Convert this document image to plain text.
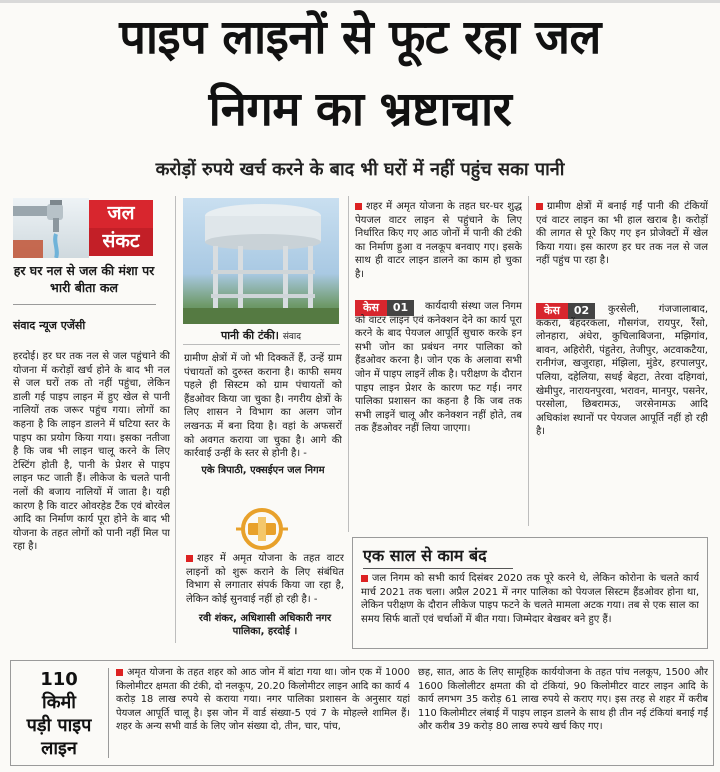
पाइप लाइनों से फूट रहा जल
निगम का भ्रष्टाचार
करोड़ों रुपये खर्च करने के बाद भी घरों में नहीं पहुंच सका पानी
जल
संकट
हर घर नल से जल की मंशा पर भारी बीता कल
संवाद न्यूज एजेंसी
पानी की टंकी। संवाद
हरदोई। हर घर तक नल से जल पहुंचाने की योजना में करोड़ों खर्च होने के बाद भी नल से जल घरों तक तो नहीं पहुंचा, लेकिन डाली गई पाइप लाइन में हुए खेल से पानी नालियों तक जरूर पहुंच गया। लोगों का कहना है कि लाइन डालने में घटिया स्तर के पाइप का प्रयोग किया गया। इसका नतीजा है कि जब भी लाइन चालू करने के लिए टेस्टिंग होती है, पानी के प्रेशर से पाइप लाइन फट जाती हैं। लीकेज के चलते पानी नलों की बजाय नालियों में जाता है। यही कारण है कि वाटर ओवरहेड टैंक एवं बोरवेल आदि का निर्माण कार्य पूरा होने के बाद भी योजना के तहत लोगों को पानी नहीं मिल पा रहा है।
ग्रामीण क्षेत्रों में जो भी दिक्कतें हैं, उन्हें ग्राम पंचायतों को दुरुस्त कराना है। काफी समय पहले ही सिस्टम को ग्राम पंचायतों को हैंडओवर किया जा चुका है। नगरीय क्षेत्रों के लिए शासन ने विभाग का अलग जोन लखनऊ में बना दिया है। वहां के अफसरों को अवगत कराया जा चुका है। आगे की कार्रवाई उन्हीं के स्तर से होनी है। -
एके त्रिपाठी, एक्सईएन जल निगम
शहर में अमृत योजना के तहत वाटर लाइनों को शुरू कराने के लिए संबंधित विभाग से लगातार संपर्क किया जा रहा है, लेकिन कोई सुनवाई नहीं हो रही है। -
रवी शंकर, अधिशासी अधिकारी नगर पालिका, हरदोई ।
शहर में अमृत योजना के तहत घर-घर शुद्ध पेयजल वाटर लाइन से पहुंचाने के लिए निर्धारित किए गए आठ जोनों में पानी की टंकी का निर्माण हुआ व नलकूप बनवाए गए। इसके साथ ही वाटर लाइन डालने का काम हो चुका है।
केस	01	कार्यदायी संस्था जल निगम को वाटर लाइन एवं कनेक्शन देने का कार्य पूरा करने के बाद पेयजल आपूर्ति सुचारु करके इन सभी जोन का प्रबंधन नगर पालिका को हैंडओवर करना है। जोन एक के अलावा सभी जोन में पाइप लाइनें लीक है। परीक्षण के दौरान पाइप लाइन प्रेशर के कारण फट गई। नगर पालिका प्रशासन का कहना है कि जब तक सभी लाइनें चालू और कनेक्शन नहीं होते, तब तक हैंडओवर नहीं लिया जाएगा।
ग्रामीण क्षेत्रों में बनाई गईं पानी की टंकियों एवं वाटर लाइन का भी हाल खराब है। करोड़ों की लागत से पूरे किए गए इन प्रोजेक्टों में खेल किया गया। इस कारण हर घर तक नल से जल नहीं पहुंच पा रहा है।
केस	02	कुरसेली, गंजजालाबाद, ककरा, बेंहदरकला, गौसगंज, रायपुर, रैंसो, लोनहारा, अंधेरा, कुचिलाबिजना, मझिगांव, बावन, अहिरोरी, पंहुतेरा, तेजीपुर, अटवाकटैया, रानीगंज, खजुराहा, मंझिला, मुंडेर, हरपालपुर, पलिया, दहेलिया, सधई बेहटा, तेरवा दहिगवां, खेमीपुर, नारायनपुरवा, भरावन, मानपुर, पसनेर, परसोला, छिबरामऊ, जरसेनामऊ आदि अधिकांश स्थानों पर पेयजल आपूर्ति नहीं हो रही है।
एक साल से काम बंद
जल निगम को सभी कार्य दिसंबर 2020 तक पूरे करने थे, लेकिन कोरोना के चलते कार्य मार्च 2021 तक चला। अप्रैल 2021 में नगर पालिका को पेयजल सिस्टम हैंडओवर होना था, लेकिन परीक्षण के दौरान लीकेज पाइप फटने के चलते मामला अटक गया। तब से एक साल का समय सिर्फ बातों एवं चर्चाओं में बीत गया। जिम्मेदार बेखबर बने हुए हैं।
110
किमी
पड़ी पाइप
लाइन
अमृत योजना के तहत शहर को आठ जोन में बांटा गया था। जोन एक में 1000 किलोमीटर क्षमता की टंकी, दो नलकूप, 20.20 किलोमीटर लाइन आदि का कार्य 4 करोड़ 18 लाख रुपये से कराया गया। नगर पालिका प्रशासन के अनुसार यहां पेयजल आपूर्ति चालू है। इस जोन में वार्ड संख्या-5 एवं 7 के मोहल्ले शामिल हैं। शहर के अन्य सभी वार्ड के लिए जोन संख्या दो, तीन, चार, पांच,
छह, सात, आठ के लिए सामूहिक कार्ययोजना के तहत पांच नलकूप, 1500 और 1600 किलोलीटर क्षमता की दो टंकियां, 90 किलोमीटर वाटर लाइन आदि के कार्य लगभग 35 करोड़ 61 लाख रुपये से कराए गए। इस तरह से शहर में करीब 110 किलोमीटर लंबाई में पाइप लाइन डालने के साथ ही तीन नई टंकियां बनाई गईं और करीब 39 करोड़ 80 लाख रुपये खर्च किए गए।
